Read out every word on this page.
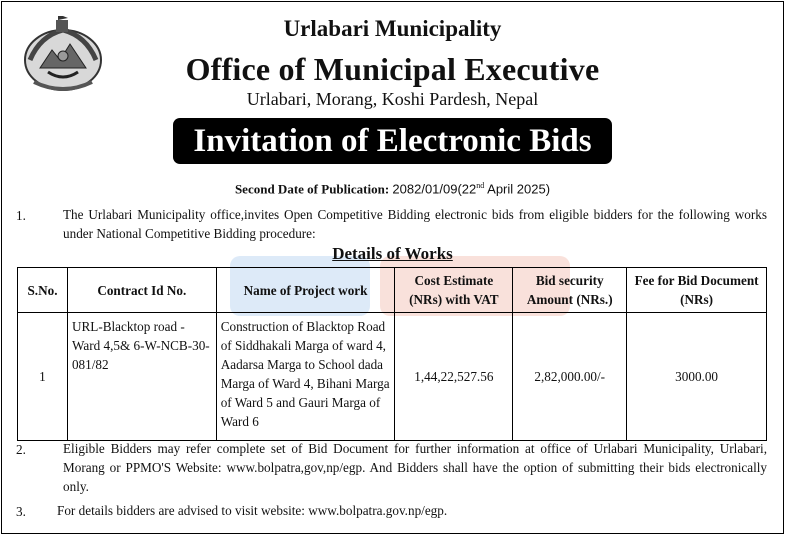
Urlabari Municipality
Office of Municipal Executive
Urlabari, Morang, Koshi Pardesh, Nepal
Invitation of Electronic Bids
Second Date of Publication: 2082/01/09(22nd April 2025)
1.	The Urlabari Municipality office,invites Open Competitive Bidding electronic bids from eligible bidders for the following works under National Competitive Bidding procedure:
Details of Works
S.No.	Contract Id No.	Name of Project work	Cost Estimate (NRs) with VAT	Bid security Amount (NRs.)	Fee for Bid Document (NRs)
1	URL-Blacktop road - Ward 4,5& 6-W-NCB-30-081/82	Construction of Blacktop Road of Siddhakali Marga of ward 4, Aadarsa Marga to School dada Marga of Ward 4, Bihani Marga of Ward 5 and Gauri Marga of Ward 6	1,44,22,527.56	2,82,000.00/-	3000.00
2.	Eligible Bidders may refer complete set of Bid Document for further information at office of Urlabari Municipality, Urlabari, Morang or PPMO'S Website: www.bolpatra,gov,np/egp. And Bidders shall have the option of submitting their bids electronically only.
3. For details bidders are advised to visit website: www.bolpatra.gov.np/egp.
